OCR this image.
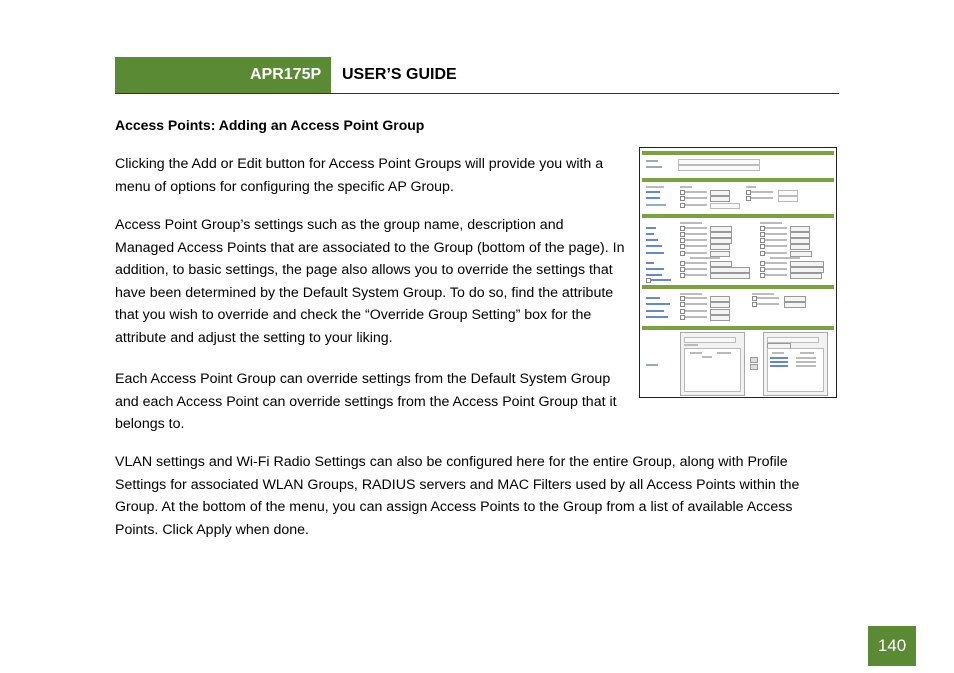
APR175P USER’S GUIDE
Access Points: Adding an Access Point Group

Clicking the Add or Edit button for Access Point Groups will provide you with a menu of options for configuring the specific AP Group.

Access Point Group’s settings such as the group name, description and Managed Access Points that are associated to the Group (bottom of the page). In addition, to basic settings, the page also allows you to override the settings that have been determined by the Default System Group. To do so, find the attribute that you wish to override and check the “Override Group Setting” box for the attribute and adjust the setting to your liking.

Each Access Point Group can override settings from the Default System Group and each Access Point can override settings from the Access Point Group that it belongs to.

VLAN settings and Wi-Fi Radio Settings can also be configured here for the entire Group, along with Profile Settings for associated WLAN Groups, RADIUS servers and MAC Filters used by all Access Points within the Group. At the bottom of the menu, you can assign Access Points to the Group from a list of available Access Points. Click Apply when done.

140
